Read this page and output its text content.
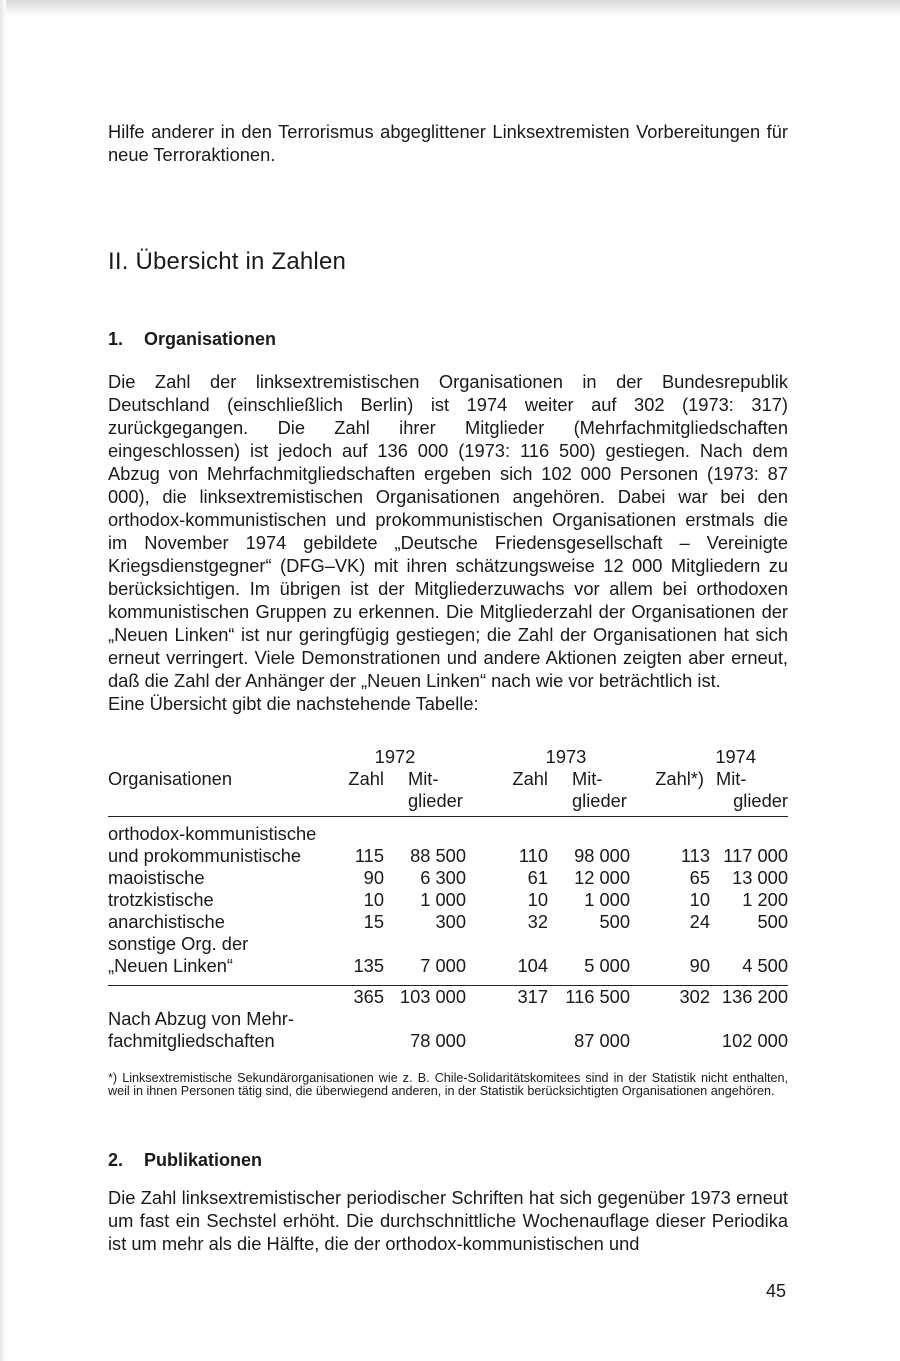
Hilfe anderer in den Terrorismus abgeglittener Linksextremisten Vorbereitungen für neue Terroraktionen.

II. Übersicht in Zahlen
1. Organisationen

Die Zahl der linksextremistischen Organisationen in der Bundesrepublik Deutschland (einschließlich Berlin) ist 1974 weiter auf 302 (1973: 317) zurückgegangen. Die Zahl ihrer Mitglieder (Mehrfachmitgliedschaften eingeschlossen) ist jedoch auf 136 000 (1973: 116 500) gestiegen. Nach dem Abzug von Mehrfachmitgliedschaften ergeben sich 102 000 Personen (1973: 87 000), die linksextremistischen Organisationen angehören. Dabei war bei den orthodox-kommunistischen und prokommunistischen Organisationen erstmals die im November 1974 gebildete „Deutsche Friedensgesellschaft – Vereinigte Kriegsdienstgegner“ (DFG–VK) mit ihren schätzungsweise 12 000 Mitgliedern zu berücksichtigen. Im übrigen ist der Mitgliederzuwachs vor allem bei orthodoxen kommunistischen Gruppen zu erkennen. Die Mitgliederzahl der Organisationen der „Neuen Linken“ ist nur geringfügig gestiegen; die Zahl der Organisationen hat sich erneut verringert. Viele Demonstrationen und andere Aktionen zeigten aber erneut, daß die Zahl der Anhänger der „Neuen Linken“ nach wie vor beträchtlich ist.

Eine Übersicht gibt die nachstehende Tabelle:

	1972		1973		1974	
Organisationen	Zahl	Mit-	Zahl	Mit-	Zahl*)	Mit-
		glieder		glieder		glieder
orthodox-kommunistische						
und prokommunistische	115	88 500	110	98 000	113	117 000
maoistische	90	6 300	61	12 000	65	13 000
trotzkistische	10	1 000	10	1 000	10	1 200
anarchistische	15	300	32	500	24	500
sonstige Org. der						
„Neuen Linken“	135	7 000	104	5 000	90	4 500
	365	103 000	317	116 500	302	136 200
Nach Abzug von Mehr-						
fachmitgliedschaften		78 000		87 000		102 000

*) Linksextremistische Sekundärorganisationen wie z. B. Chile-Solidaritätskomitees sind in der Statistik nicht enthalten, weil in ihnen Personen tätig sind, die überwiegend anderen, in der Statistik berücksichtigten Organisationen angehören.

2. Publikationen

Die Zahl linksextremistischer periodischer Schriften hat sich gegenüber 1973 erneut um fast ein Sechstel erhöht. Die durchschnittliche Wochenauflage dieser Periodika ist um mehr als die Hälfte, die der orthodox-kommunistischen und

45
